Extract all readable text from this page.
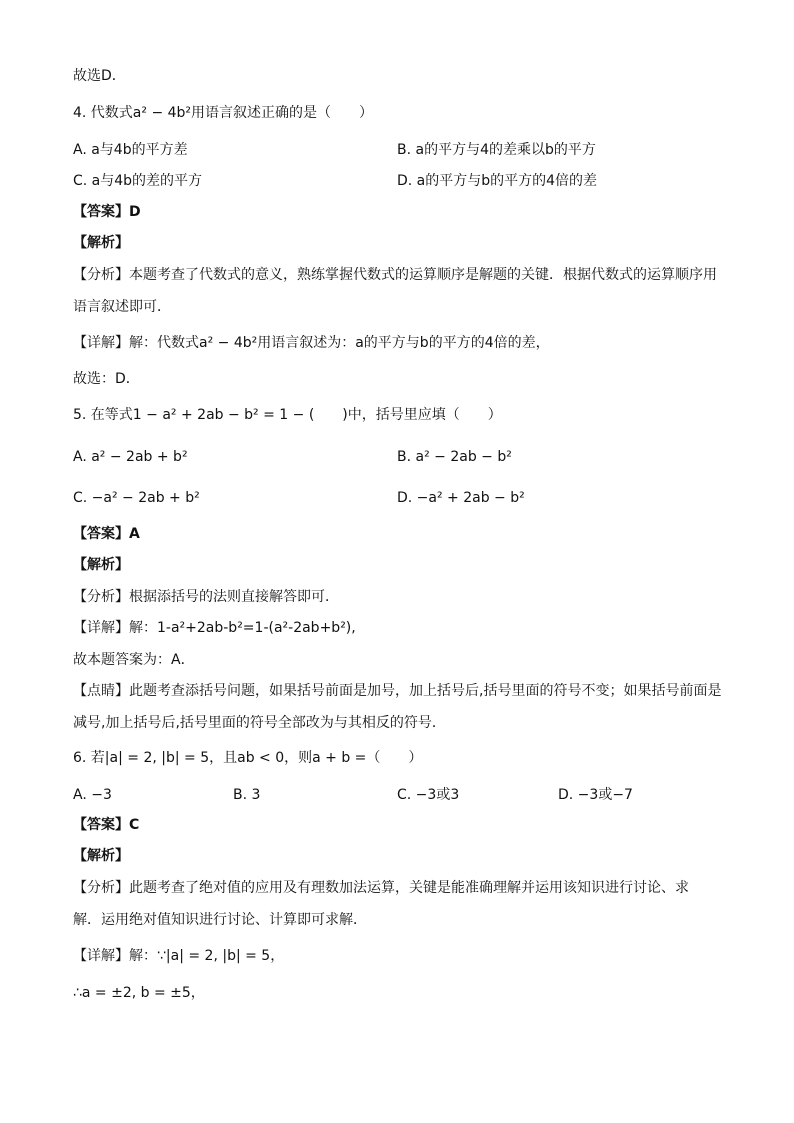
故选D．
4. 代数式a² − 4b²用语言叙述正确的是（　　）
A. a与4b的平方差	B. a的平方与4的差乘以b的平方
C. a与4b的差的平方	D. a的平方与b的平方的4倍的差
【答案】D
【解析】
【分析】本题考查了代数式的意义，熟练掌握代数式的运算顺序是解题的关键．根据代数式的运算顺序用
语言叙述即可．
【详解】解：代数式a² − 4b²用语言叙述为：a的平方与b的平方的4倍的差，
故选：D．
5. 在等式1 − a² + 2ab − b² = 1 − (　　)中，括号里应填（　　）
A. a² − 2ab + b²	B. a² − 2ab − b²
C. −a² − 2ab + b²	D. −a² + 2ab − b²
【答案】A
【解析】
【分析】根据添括号的法则直接解答即可．
【详解】解：1-a²+2ab-b²=1-(a²-2ab+b²),
故本题答案为：A．
【点睛】此题考查添括号问题，如果括号前面是加号，加上括号后,括号里面的符号不变；如果括号前面是
减号,加上括号后,括号里面的符号全部改为与其相反的符号．
6. 若|a| = 2, |b| = 5，且ab < 0，则a + b =（　　）
A. −3	B. 3	C. −3或3	D. −3或−7
【答案】C
【解析】
【分析】此题考查了绝对值的应用及有理数加法运算，关键是能准确理解并运用该知识进行讨论、求
解．运用绝对值知识进行讨论、计算即可求解．
【详解】解：∵|a| = 2, |b| = 5，
∴a = ±2, b = ±5，
